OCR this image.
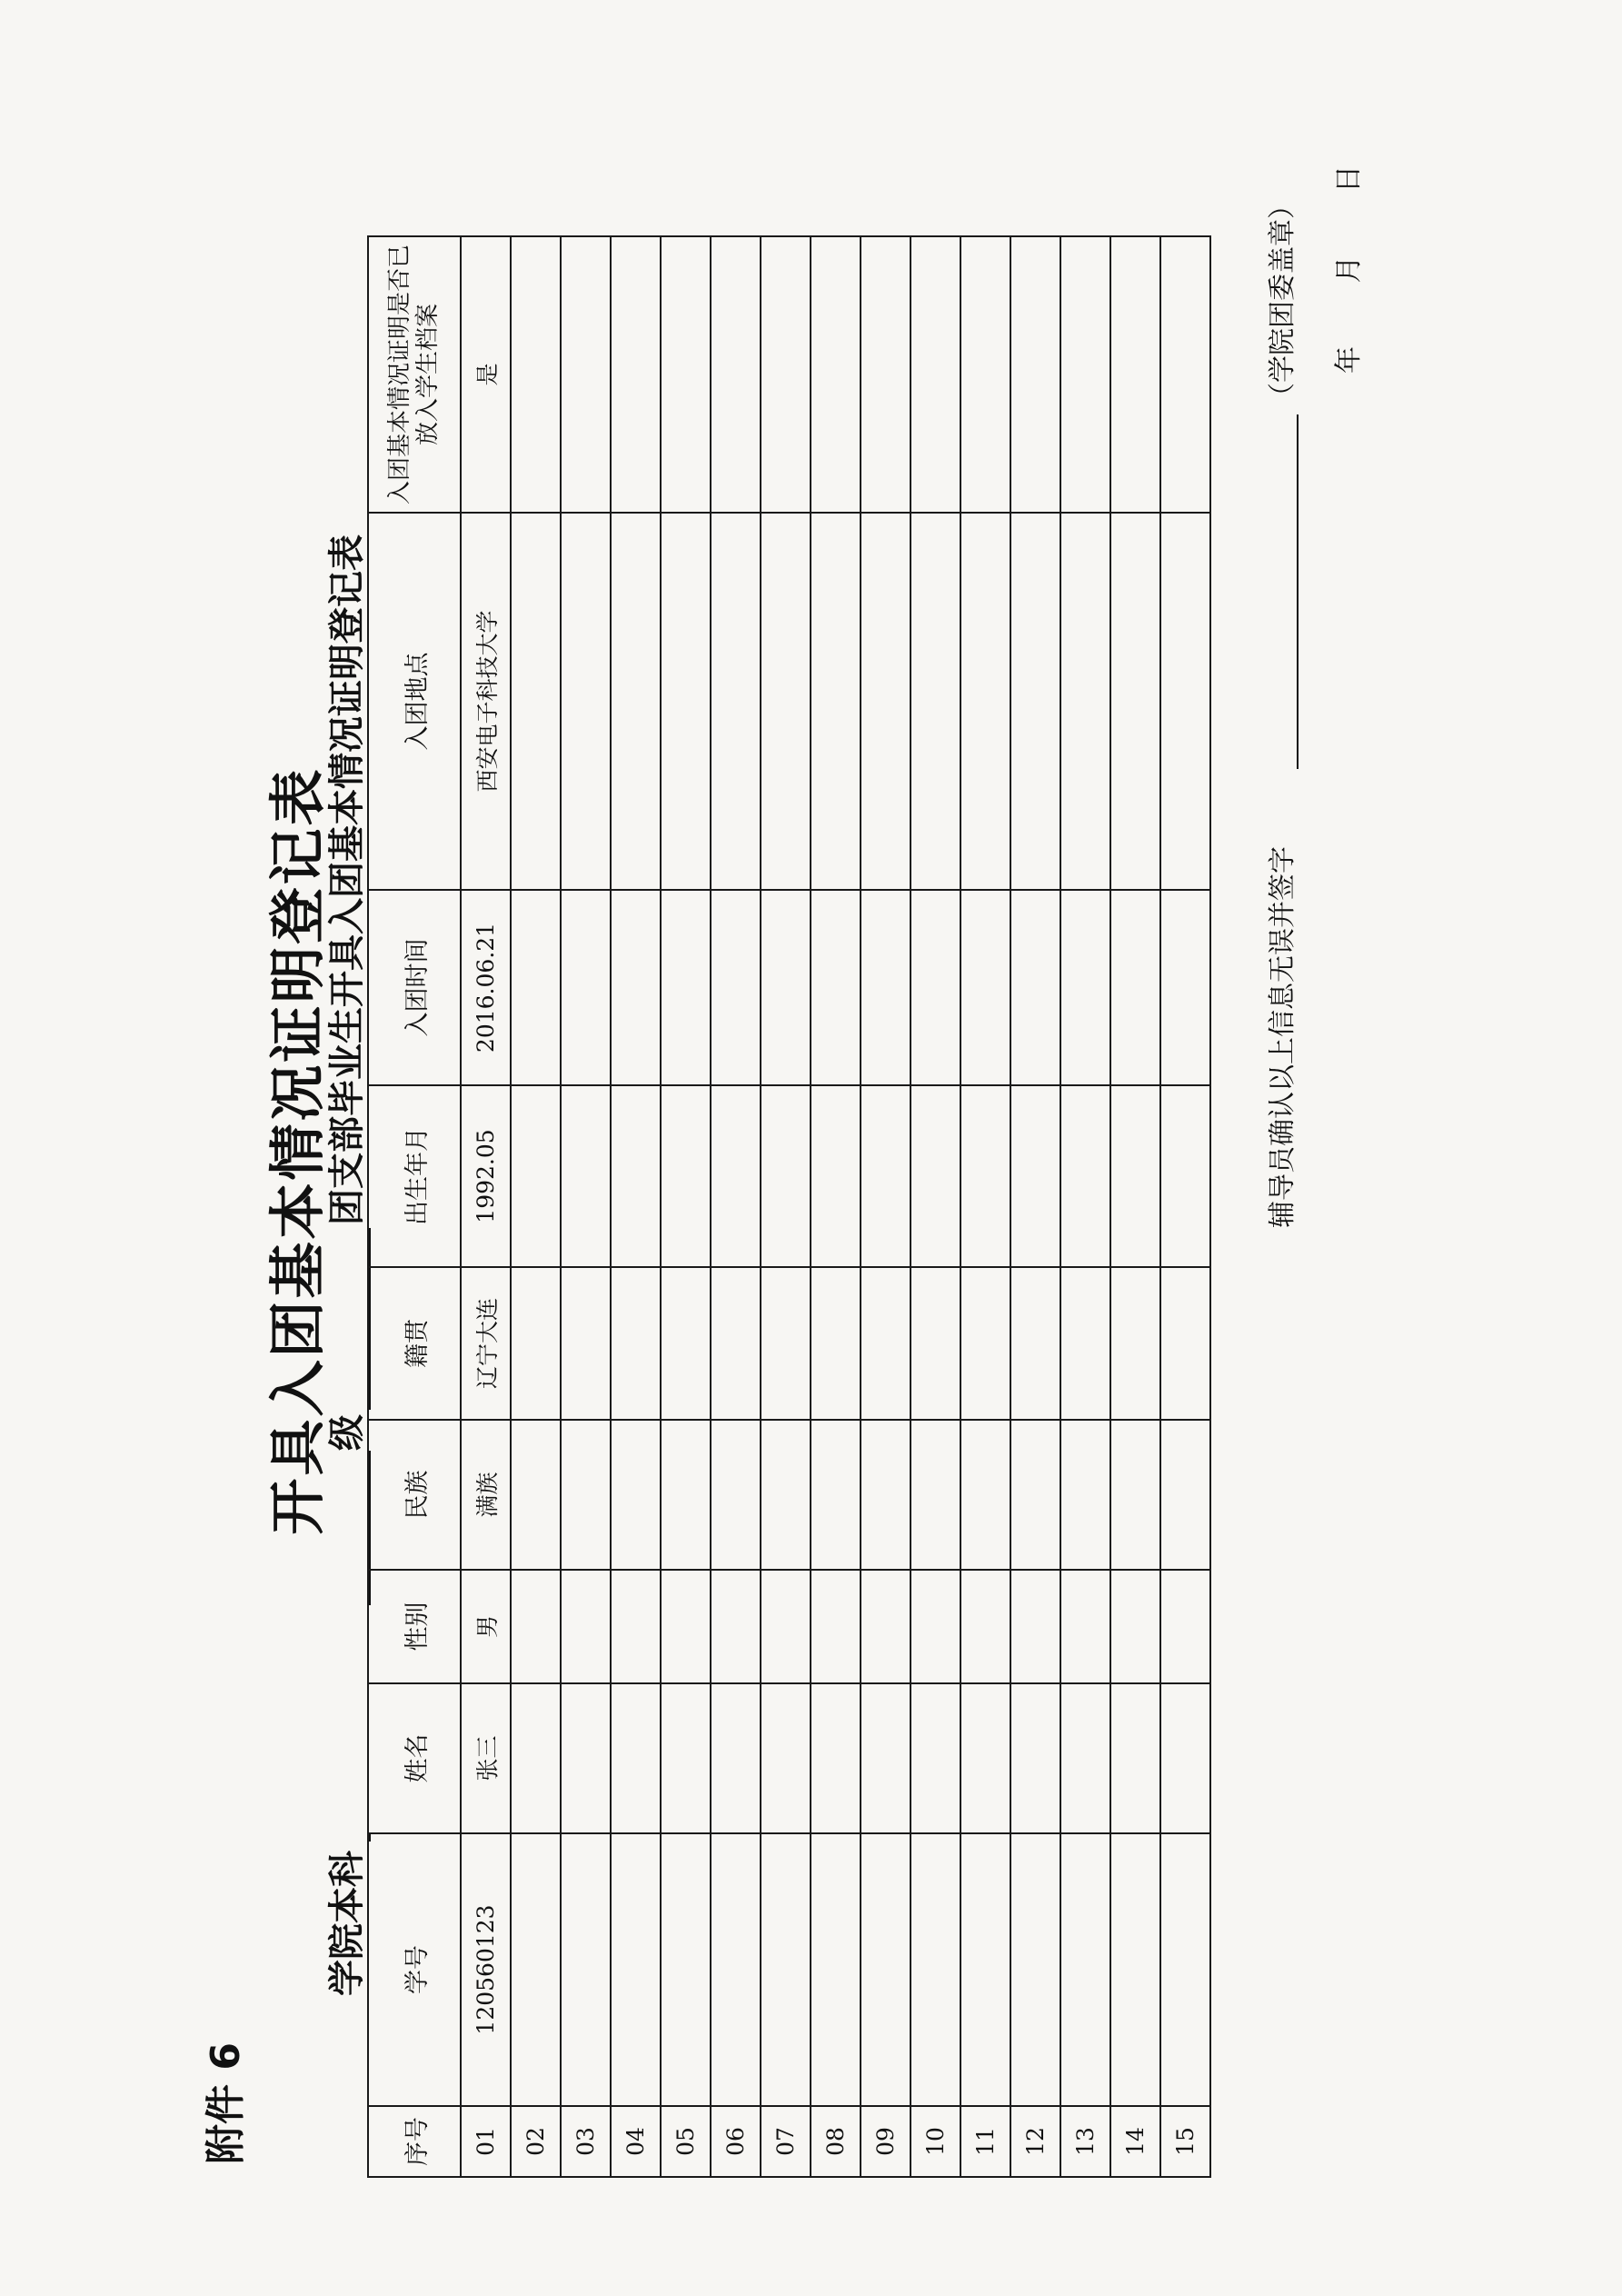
附件 6
开具入团基本情况证明登记表
学院本科
级
团支部毕业生开具入团基本情况证明登记表
序号	学号	姓名	性别	民族	籍贯	出生年月	入团时间	入团地点	入团基本情况证明是否已放入学生档案
01	120560123	张三	男	满族	辽宁大连	1992.05	2016.06.21	西安电子科技大学	是
02									
03									
04									
05									
06									
07									
08									
09									
10									
11									
12									
13									
14									
15									
辅导员确认以上信息无误并签字
（学院团委盖章） 年 月 日
